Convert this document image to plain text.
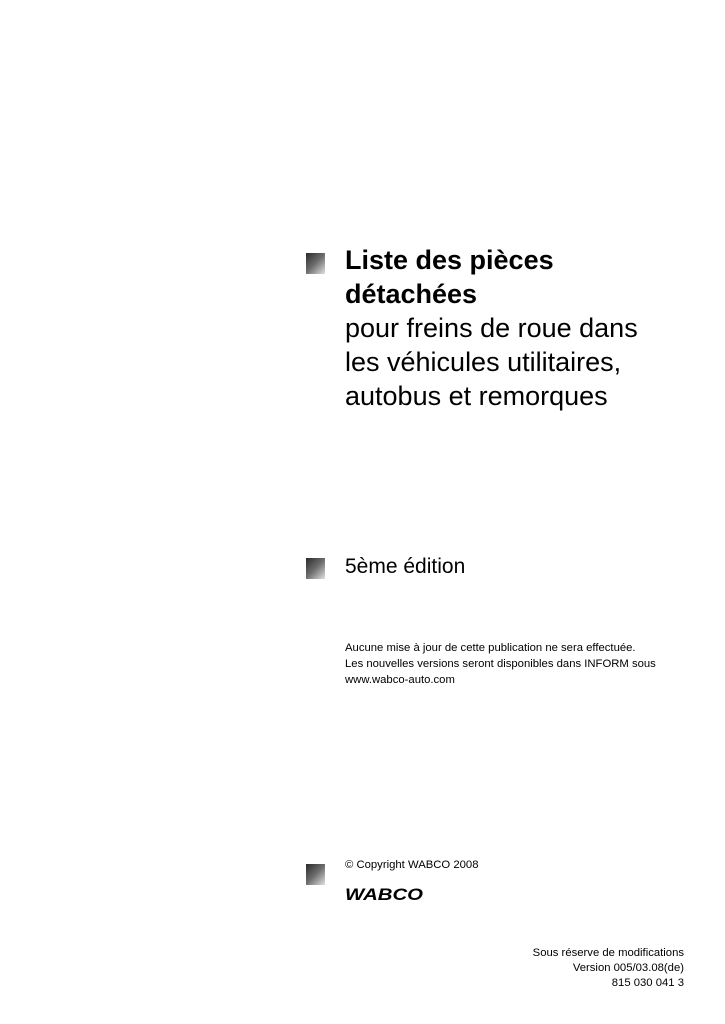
Liste des pièces

détachées

pour freins de roue dans

les véhicules utilitaires,

autobus et remorques

5ème édition
Aucune mise à jour de cette publication ne sera effectuée.
Les nouvelles versions seront disponibles dans INFORM sous
www.wabco-auto.com
© Copyright WABCO 2008
WABCO
Sous réserve de modifications
Version 005/03.08(de)
815 030 041 3
